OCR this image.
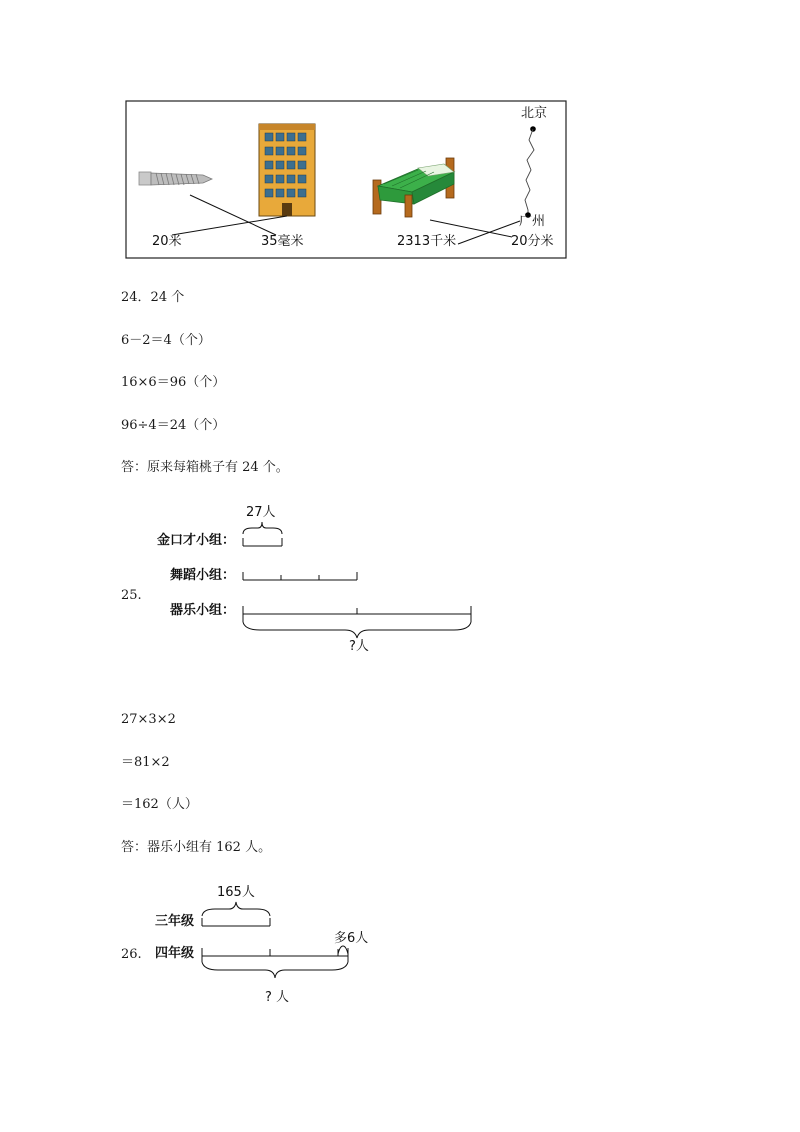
20米	35毫米	2313千米	20分米
北京
广州
24．24 个
6－2＝4（个）
16×6＝96（个）
96÷4＝24（个）
答：原来每箱桃子有 24 个。
25.
27人
金口才小组：
舞蹈小组：
器乐小组：
?人
27×3×2
＝81×2
＝162（人）
答：器乐小组有 162 人。
26.
165人
三年级
四年级
多6人
? 人
